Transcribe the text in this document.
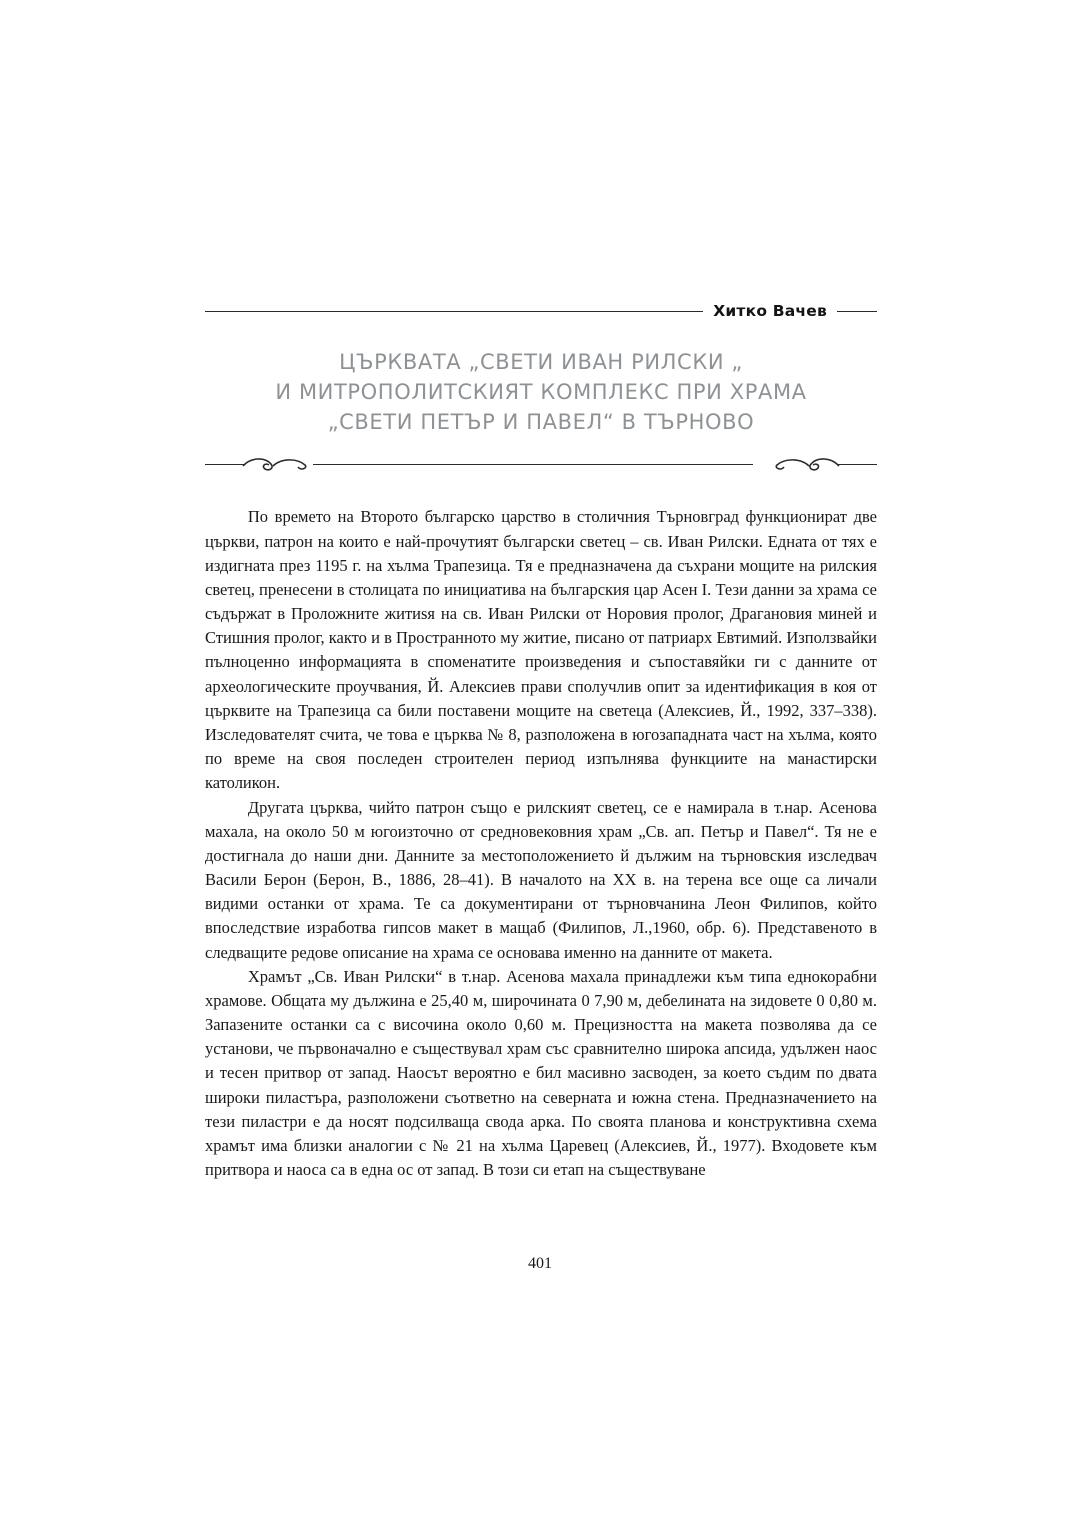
Хитко Вачев
ЦЪРКВАТА „СВЕТИ ИВАН РИЛСКИ „
И МИТРОПОЛИТСКИЯТ КОМПЛЕКС ПРИ ХРАМА
„СВЕТИ ПЕТЪР И ПАВЕЛ“ В ТЪРНОВО

По времето на Второто българско царство в столичния Търновград функционират две църкви, патрон на които е най-прочутият български светец – св. Иван Рилски. Едната от тях е издигната през 1195 г. на хълма Трапезица. Тя е предназначена да съхрани мощите на рилския светец, пренесени в столицата по инициатива на българския цар Асен I. Тези данни за храма се съдържат в Проложните житиsя на св. Иван Рилски от Норовия пролог, Драгановия миней и Стишния пролог, както и в Пространното му житие, писано от патриарх Евтимий. Използвайки пълноценно информацията в споменатите произведения и съпоставяйки ги с данните от археологическите проучвания, Й. Алексиев прави сполучлив опит за идентификация в коя от църквите на Трапезица са били поставени мощите на светеца (Алексиев, Й., 1992, 337–338). Изследователят счита, че това е църква № 8, разположена в югозападната част на хълма, която по време на своя последен строителен период изпълнява функциите на манастирски католикон.

Другата църква, чийто патрон също е рилският светец, се е намирала в т.нар. Асенова махала, на около 50 м югоизточно от средновековния храм „Св. ап. Петър и Павел“. Тя не е достигнала до наши дни. Данните за местоположението й дължим на търновския изследвач Васили Берон (Берон, В., 1886, 28–41). В началото на ХХ в. на терена все още са личали видими останки от храма. Те са документирани от търновчанина Леон Филипов, който впоследствие изработва гипсов макет в мащаб (Филипов, Л.,1960, обр. 6). Представеното в следващите редове описание на храма се основава именно на данните от макета.

Храмът „Св. Иван Рилски“ в т.нар. Асенова махала принадлежи към типа еднокорабни храмове. Общата му дължина е 25,40 м, широчината 0 7,90 м, дебелината на зидовете 0 0,80 м. Запазените останки са с височина около 0,60 м. Прецизността на макета позволява да се установи, че първоначално е съществувал храм със сравнително широка апсида, удължен наос и тесен притвор от запад. Наосът вероятно е бил масивно засводен, за което съдим по двата широки пиластъра, разположени съответно на северната и южна стена. Предназначението на тези пиластри е да носят подсилваща свода арка. По своята планова и конструктивна схема храмът има близки аналогии с № 21 на хълма Царевец (Алексиев, Й., 1977). Входовете към притвора и наоса са в една ос от запад. В този си етап на съществуване

401
